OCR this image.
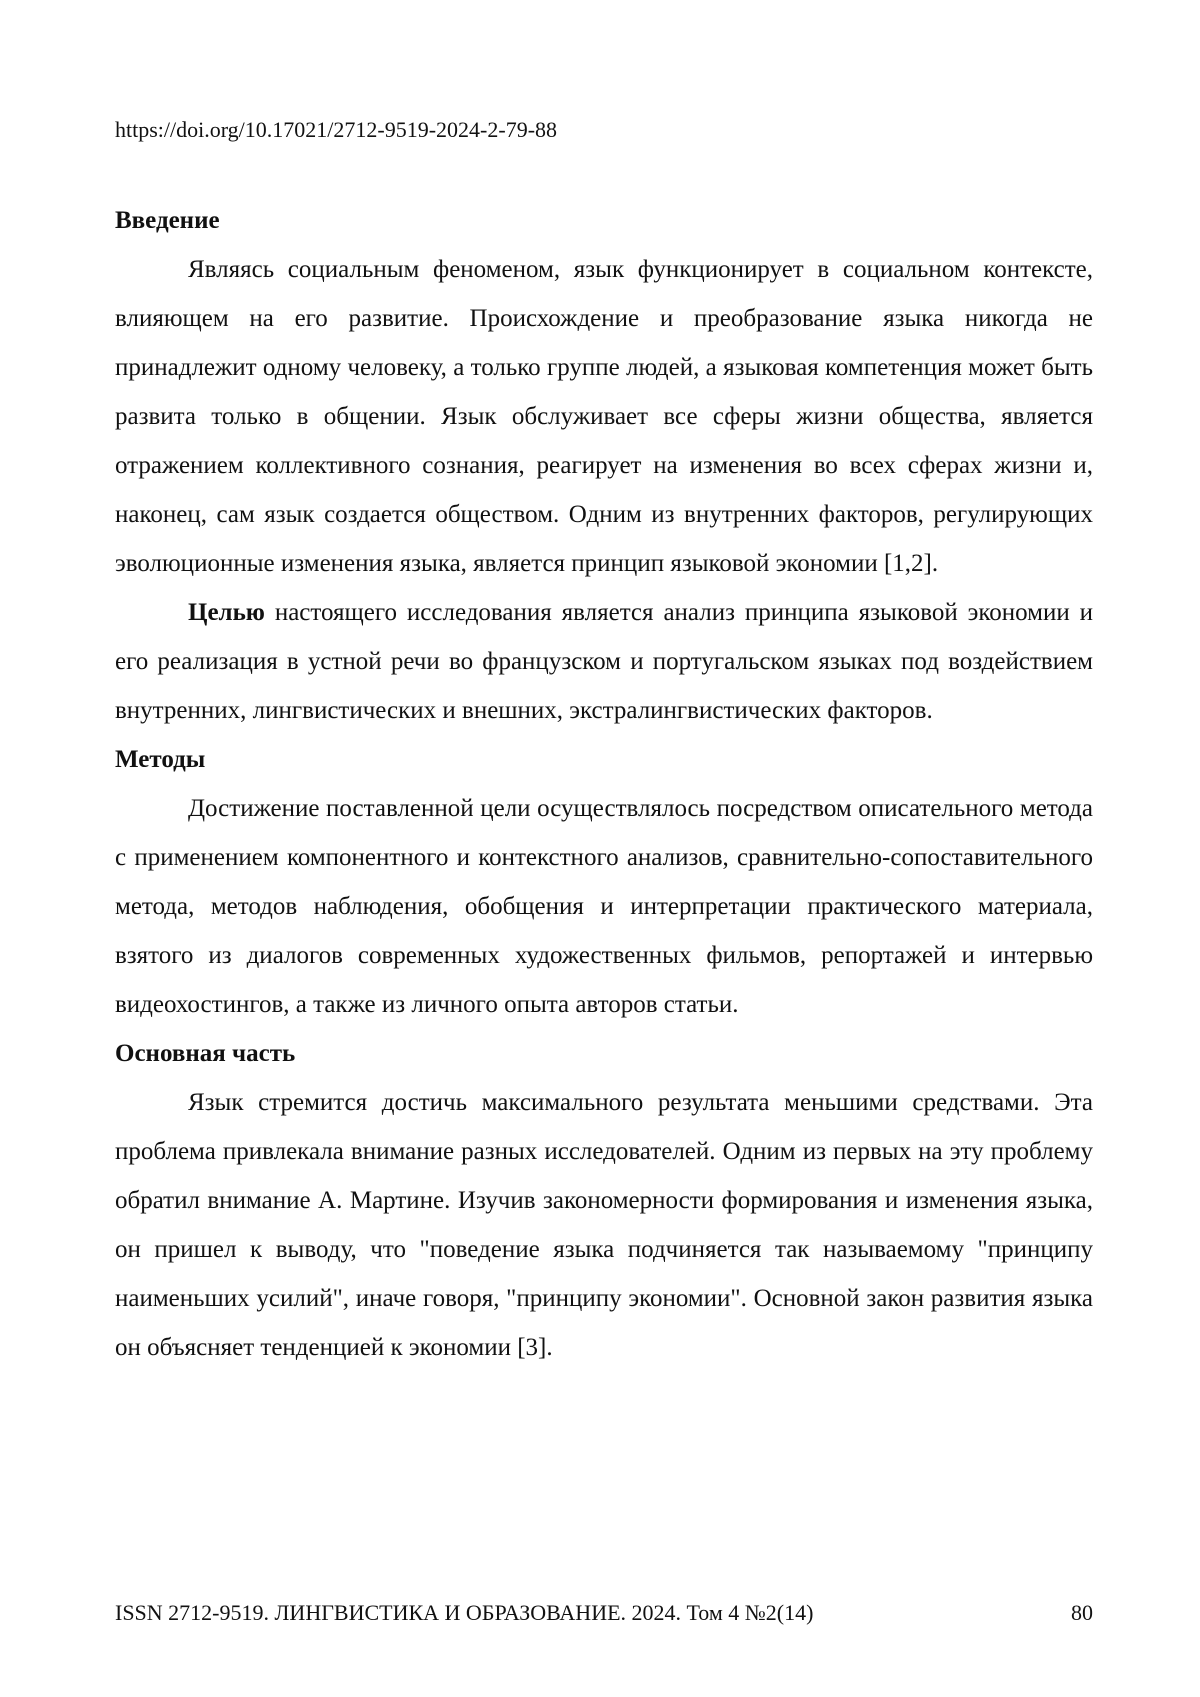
https://doi.org/10.17021/2712-9519-2024-2-79-88

Введение

Являясь социальным феноменом, язык функционирует в социальном контексте, влияющем на его развитие. Происхождение и преобразование языка никогда не принадлежит одному человеку, а только группе людей, а языковая компетенция может быть развита только в общении. Язык обслуживает все сферы жизни общества, является отражением коллективного сознания, реагирует на изменения во всех сферах жизни и, наконец, сам язык создается обществом. Одним из внутренних факторов, регулирующих эволюционные изменения языка, является принцип языковой экономии [1,2].

Целью настоящего исследования является анализ принципа языковой экономии и его реализация в устной речи во французском и португальском языках под воздействием внутренних, лингвистических и внешних, экстралингвистических факторов.

Методы

Достижение поставленной цели осуществлялось посредством описательного метода с применением компонентного и контекстного анализов, сравнительно-сопоставительного метода, методов наблюдения, обобщения и интерпретации практического материала, взятого из диалогов современных художественных фильмов, репортажей и интервью видеохостингов, а также из личного опыта авторов статьи.

Основная часть

Язык стремится достичь максимального результата меньшими средствами. Эта проблема привлекала внимание разных исследователей. Одним из первых на эту проблему обратил внимание А. Мартине. Изучив закономерности формирования и изменения языка, он пришел к выводу, что "поведение языка подчиняется так называемому "принципу наименьших усилий", иначе говоря, "принципу экономии". Основной закон развития языка он объясняет тенденцией к экономии [3].

ISSN 2712-9519. ЛИНГВИСТИКА И ОБРАЗОВАНИЕ. 2024. Том 4 №2(14)	80
